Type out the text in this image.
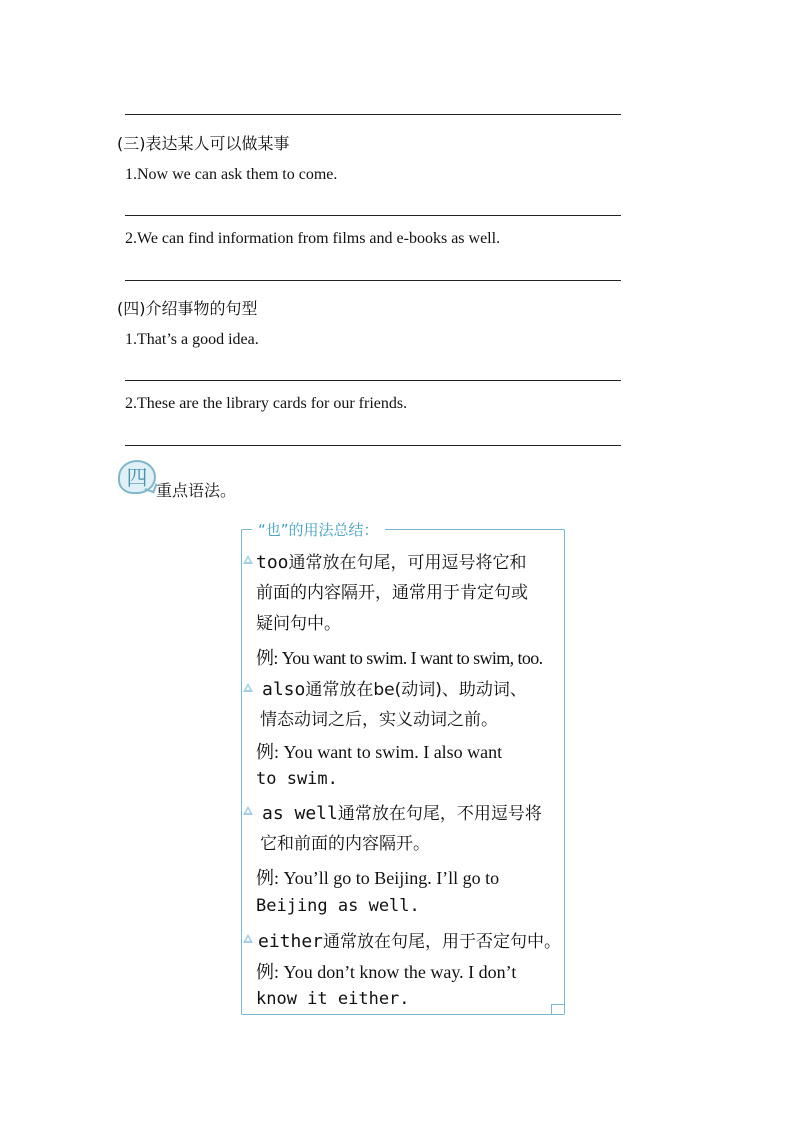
(三)表达某人可以做某事
1.Now we can ask them to come.
2.We can find information from films and e-books as well.
(四)介绍事物的句型
1.That’s a good idea.
2.These are the library cards for our friends.
四
重点语法。
“也”的用法总结：
too通常放在句尾，可用逗号将它和
前面的内容隔开，通常用于肯定句或
疑问句中。
例: You want to swim. I want to swim, too.
also通常放在be(动词)、助动词、
情态动词之后，实义动词之前。
例: You want to swim. I also want
to swim.
as well通常放在句尾，不用逗号将
它和前面的内容隔开。
例: You’ll go to Beijing. I’ll go to
Beijing as well.
either通常放在句尾，用于否定句中。
例: You don’t know the way. I don’t
know it either.
